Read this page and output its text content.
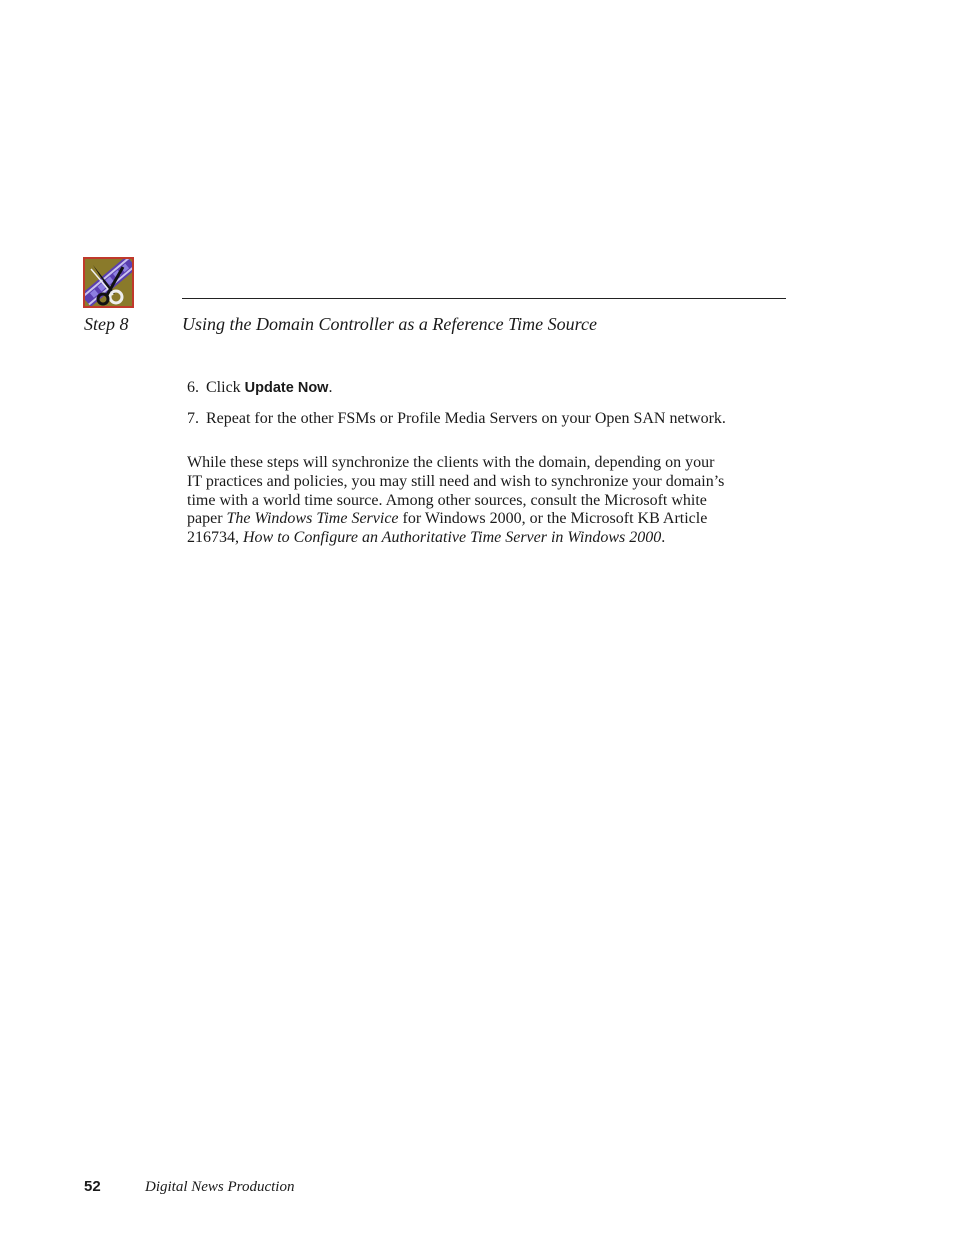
Step 8	Using the Domain Controller as a Reference Time Source
6. Click Update Now.
7. Repeat for the other FSMs or Profile Media Servers on your Open SAN network.
While these steps will synchronize the clients with the domain, depending on your IT practices and policies, you may still need and wish to synchronize your domain’s time with a world time source. Among other sources, consult the Microsoft white paper The Windows Time Service for Windows 2000, or the Microsoft KB Article 216734, How to Configure an Authoritative Time Server in Windows 2000.
52	Digital News Production
